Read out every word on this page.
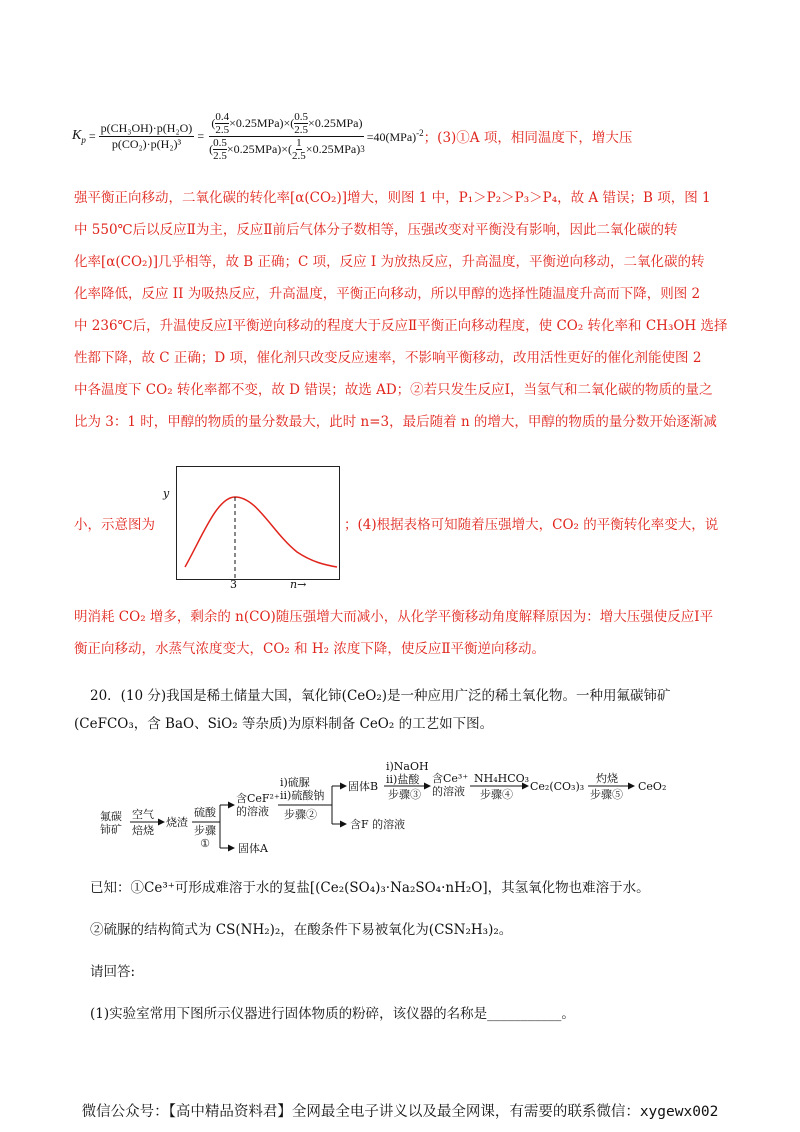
$K_p = \frac{\text{p(CH₃OH)·p(H₂O)}}{\text{p(CO₂)·p(H₂)³}} = \frac{( \frac{0.4}{2.5} \times 0.25MPa )\times( \frac{0.5}{2.5} \times 0.25MPa )}{( \frac{0.5}{2.5} \times 0.25MPa )\times( \frac{1}{2.5} \times 0.25MPa ) 3} =40(MPa)^{-2}$ ；(3)①A 项，相同温度下，增大压
强平衡正向移动，二氧化碳的转化率[α(CO₂)]增大，则图 1 中，P₁＞P₂＞P₃＞P₄，故 A 错误；B 项，图 1
中 550℃后以反应Ⅱ为主，反应Ⅱ前后气体分子数相等，压强改变对平衡没有影响，因此二氧化碳的转
化率[α(CO₂)]几乎相等，故 B 正确；C 项，反应 I 为放热反应，升高温度，平衡逆向移动，二氧化碳的转
化率降低，反应 II 为吸热反应，升高温度，平衡正向移动，所以甲醇的选择性随温度升高而下降，则图 2
中 236℃后，升温使反应Ⅰ平衡逆向移动的程度大于反应Ⅱ平衡正向移动程度，使 CO₂ 转化率和 CH₃OH 选择
性都下降，故 C 正确；D 项，催化剂只改变反应速率，不影响平衡移动，改用活性更好的催化剂能使图 2
中各温度下 CO₂ 转化率都不变，故 D 错误；故选 AD；②若只发生反应Ⅰ，当氢气和二氧化碳的物质的量之
比为 3：1 时，甲醇的物质的量分数最大，此时 n=3，最后随着 n 的增大，甲醇的物质的量分数开始逐渐减
小，示意图为
y
3	n→
；(4)根据表格可知随着压强增大，CO₂ 的平衡转化率变大，说
明消耗 CO₂ 增多，剩余的 n(CO)随压强增大而减小，从化学平衡移动角度解释原因为：增大压强使反应Ⅰ平
衡正向移动，水蒸气浓度变大，CO₂ 和 H₂ 浓度下降，使反应Ⅱ平衡逆向移动。
20．(10 分)我国是稀土储量大国，氧化铈(CeO₂)是一种应用广泛的稀土氧化物。一种用氟碳铈矿
(CeFCO₃，含 BaO、SiO₂ 等杂质)为原料制备 CeO₂ 的工艺如下图。
氟碳
铈矿
空气
焙烧
烧渣
硫酸
步骤
①	固体A
含CeF²⁺
的溶液
i)硫脲
ii)硫酸钠
步骤②
固体B
含F 的溶液
i)NaOH
ii)盐酸
步骤③
含Ce³⁺
的溶液
NH₄HCO₃
步骤④
Ce₂(CO₃)₃
灼烧
步骤⑤
CeO₂
已知：①Ce³⁺可形成难溶于水的复盐[(Ce₂(SO₄)₃·Na₂SO₄·nH₂O]，其氢氧化物也难溶于水。
②硫脲的结构简式为 CS(NH₂)₂，在酸条件下易被氧化为(CSN₂H₃)₂。
请回答:
(1)实验室常用下图所示仪器进行固体物质的粉碎，该仪器的名称是___________。
微信公众号：【高中精品资料君】全网最全电子讲义以及最全网课，有需要的联系微信：xygewx002
